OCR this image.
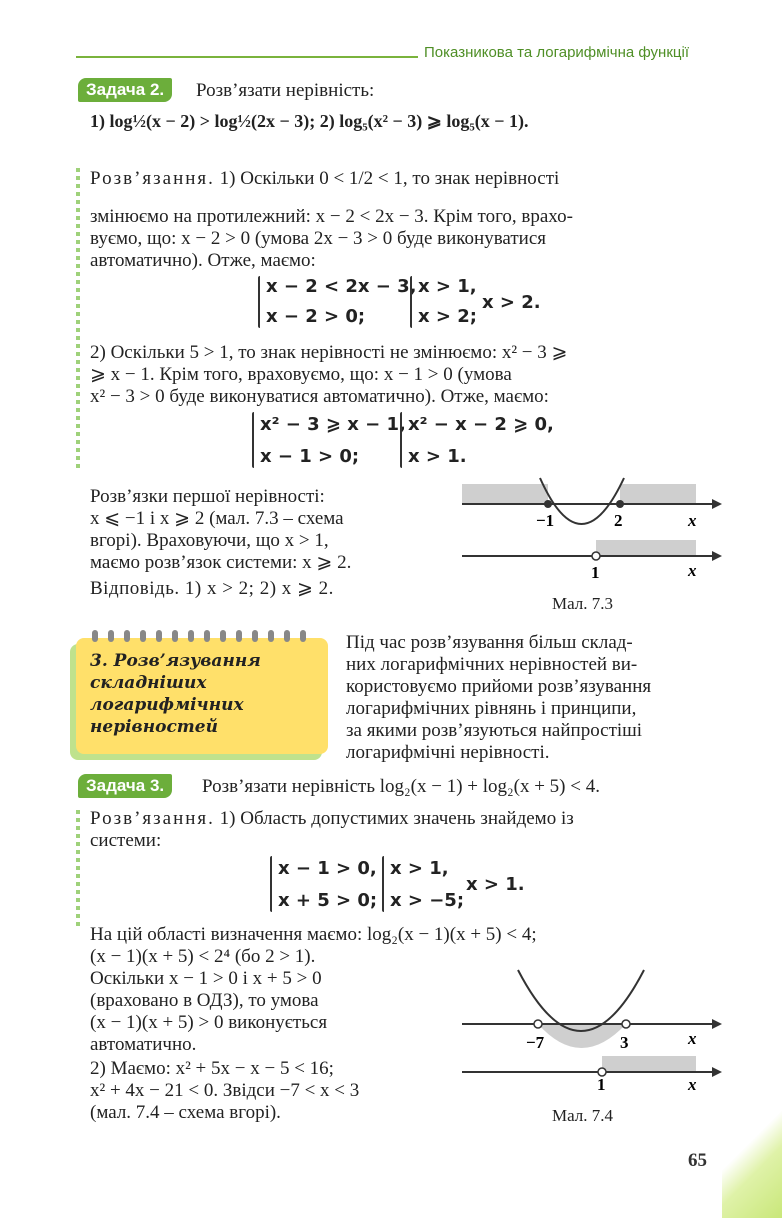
Показникова та логарифмічна функції
Задача 2.	Розв’язати нерівність:
1) log½(x − 2) > log½(2x − 3); 2) log₅(x² − 3) ⩾ log₅(x − 1).
Розв’язання. 1) Оскільки 0 < 1/2 < 1, то знак нерівності
змінюємо на протилежний: x − 2 < 2x − 3. Крім того, врахо-
вуємо, що: x − 2 > 0 (умова 2x − 3 > 0 буде виконуватися
автоматично). Отже, маємо:
x − 2 < 2x − 3,
x − 2 > 0;
x > 1,
x > 2;
x > 2.
2) Оскільки 5 > 1, то знак нерівності не змінюємо: x² − 3 ⩾
⩾ x − 1. Крім того, враховуємо, що: x − 1 > 0 (умова
x² − 3 > 0 буде виконуватися автоматично). Отже, маємо:
x² − 3 ⩾ x − 1,
x − 1 > 0;
x² − x − 2 ⩾ 0,
x > 1.
Розв’язки першої нерівності:
x ⩽ −1 і x ⩾ 2 (мал. 7.3 – схема
вгорі). Враховуючи, що x > 1,
маємо розв’язок системи: x ⩾ 2.
Відповідь. 1) x > 2; 2) x ⩾ 2.
−1	2	x
1	x
Мал. 7.3
3. Розв’язування
складніших
логарифмічних
нерівностей
Під час розв’язування більш склад-
них логарифмічних нерівностей ви-
користовуємо прийоми розв’язування
логарифмічних рівнянь і принципи,
за якими розв’язуються найпростіші
логарифмічні нерівності.
Задача 3.	Розв’язати нерівність log₂(x − 1) + log₂(x + 5) < 4.
Розв’язання. 1) Область допустимих значень знайдемо із
системи:
x − 1 > 0,
x + 5 > 0;
x > 1,
x > −5;
x > 1.
На цій області визначення маємо: log₂(x − 1)(x + 5) < 4;
(x − 1)(x + 5) < 2⁴ (бо 2 > 1).
Оскільки x − 1 > 0 і x + 5 > 0
(враховано в ОДЗ), то умова
(x − 1)(x + 5) > 0 виконується
автоматично.
2) Маємо: x² + 5x − x − 5 < 16;
x² + 4x − 21 < 0. Звідси −7 < x < 3
(мал. 7.4 – схема вгорі).
−7	3	x
1	x
Мал. 7.4
65
